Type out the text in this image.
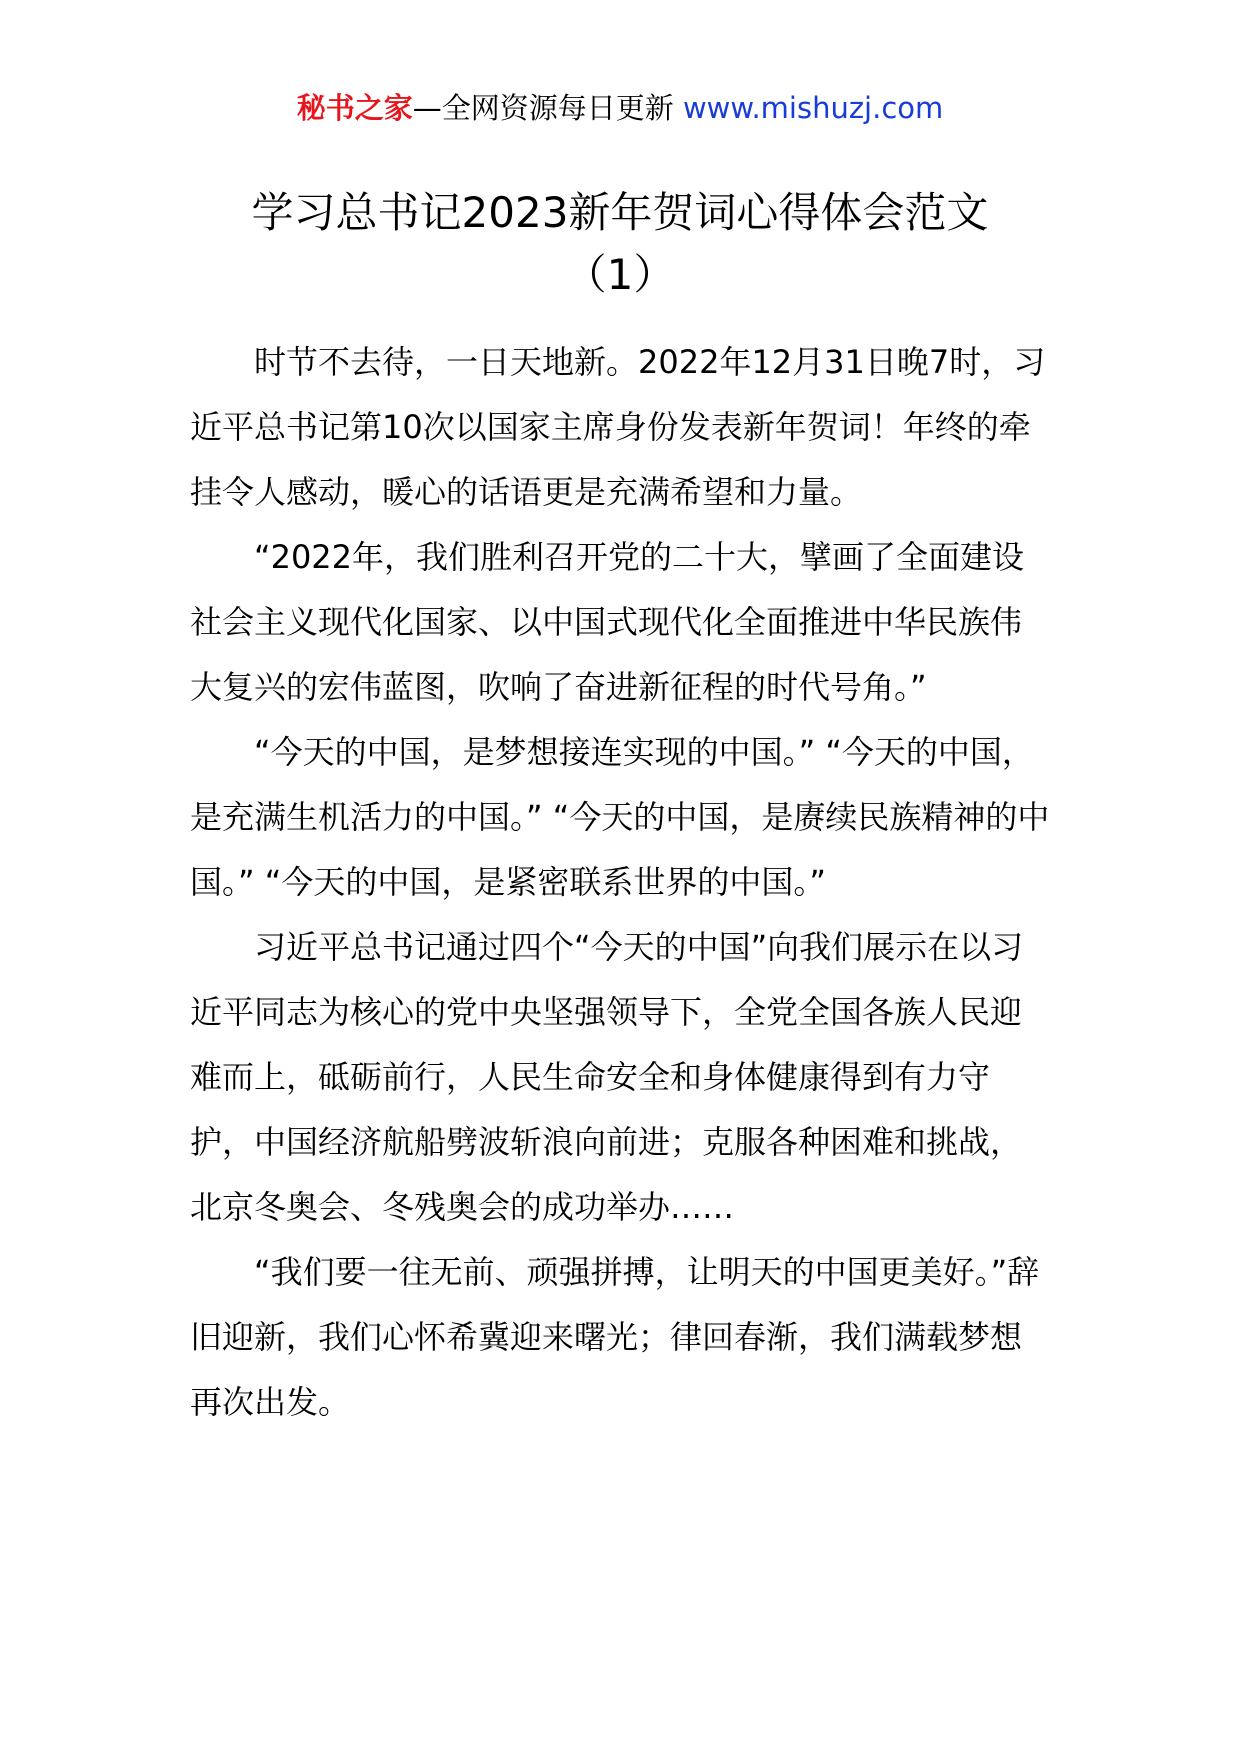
秘书之家—全网资源每日更新 www.mishuzj.com
学习总书记2023新年贺词心得体会范文
（1）

时节不去待，一日天地新。2022年12月31日晚7时，习近平总书记第10次以国家主席身份发表新年贺词！年终的牵挂令人感动，暖心的话语更是充满希望和力量。

“2022年，我们胜利召开党的二十大，擘画了全面建设社会主义现代化国家、以中国式现代化全面推进中华民族伟大复兴的宏伟蓝图，吹响了奋进新征程的时代号角。”

“今天的中国，是梦想接连实现的中国。” “今天的中国，是充满生机活力的中国。” “今天的中国，是赓续民族精神的中国。” “今天的中国，是紧密联系世界的中国。”

习近平总书记通过四个“今天的中国”向我们展示在以习近平同志为核心的党中央坚强领导下，全党全国各族人民迎难而上，砥砺前行，人民生命安全和身体健康得到有力守护，中国经济航船劈波斩浪向前进；克服各种困难和挑战，北京冬奥会、冬残奥会的成功举办……

“我们要一往无前、顽强拼搏，让明天的中国更美好。”辞旧迎新，我们心怀希冀迎来曙光；律回春渐，我们满载梦想再次出发。
